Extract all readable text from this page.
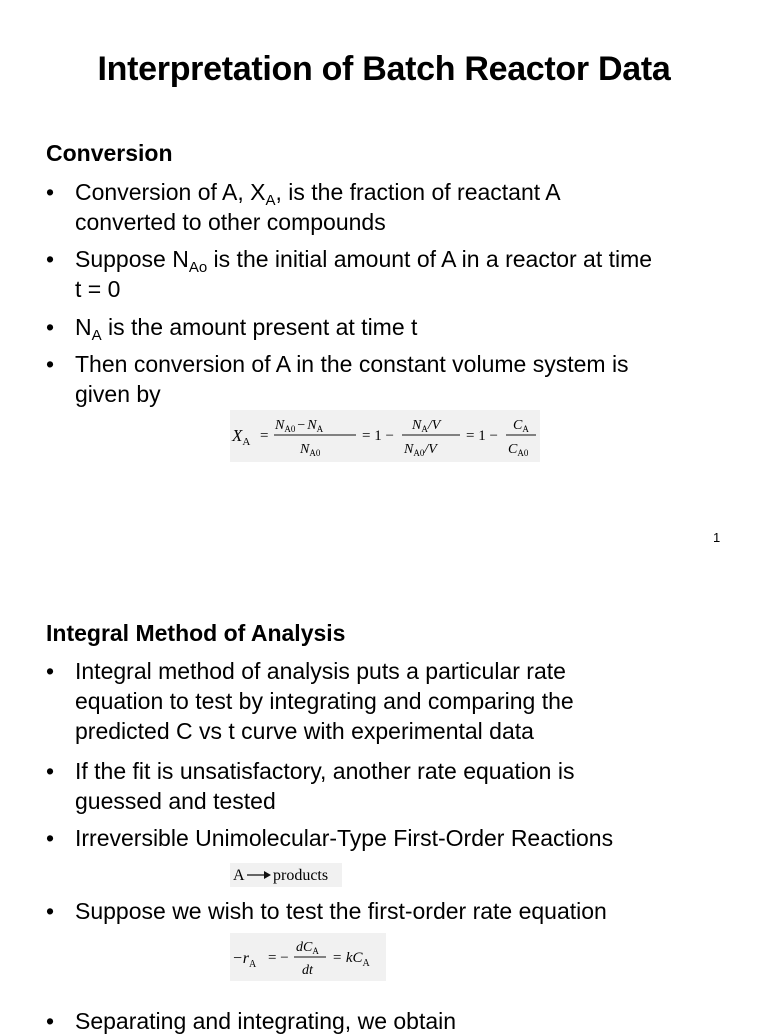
Interpretation of Batch Reactor Data
Conversion
• Conversion of A, $X_A$, is the fraction of reactant A
converted to other compounds
• Suppose $N_{Ao}$ is the initial amount of A in a reactor at time
t = 0
• $N_A$ is the amount present at time t
• Then conversion of A in the constant volume system is
given by
$X_A$ =
$N_{A0} - N_A$
$N_{A0}$
= 1 −
$N_A/V$
$N_{A0}/V$
= 1 −
$C_A$
$C_{A0}$
1
Integral Method of Analysis
• Integral method of analysis puts a particular rate
equation to test by integrating and comparing the
predicted C vs t curve with experimental data
• If the fit is unsatisfactory, another rate equation is
guessed and tested
• Irreversible Unimolecular-Type First-Order Reactions
A products
• Suppose we wish to test the first-order rate equation
$-r_A$ = −
$dC_A$
dt
= $kC_A$
• Separating and integrating, we obtain
